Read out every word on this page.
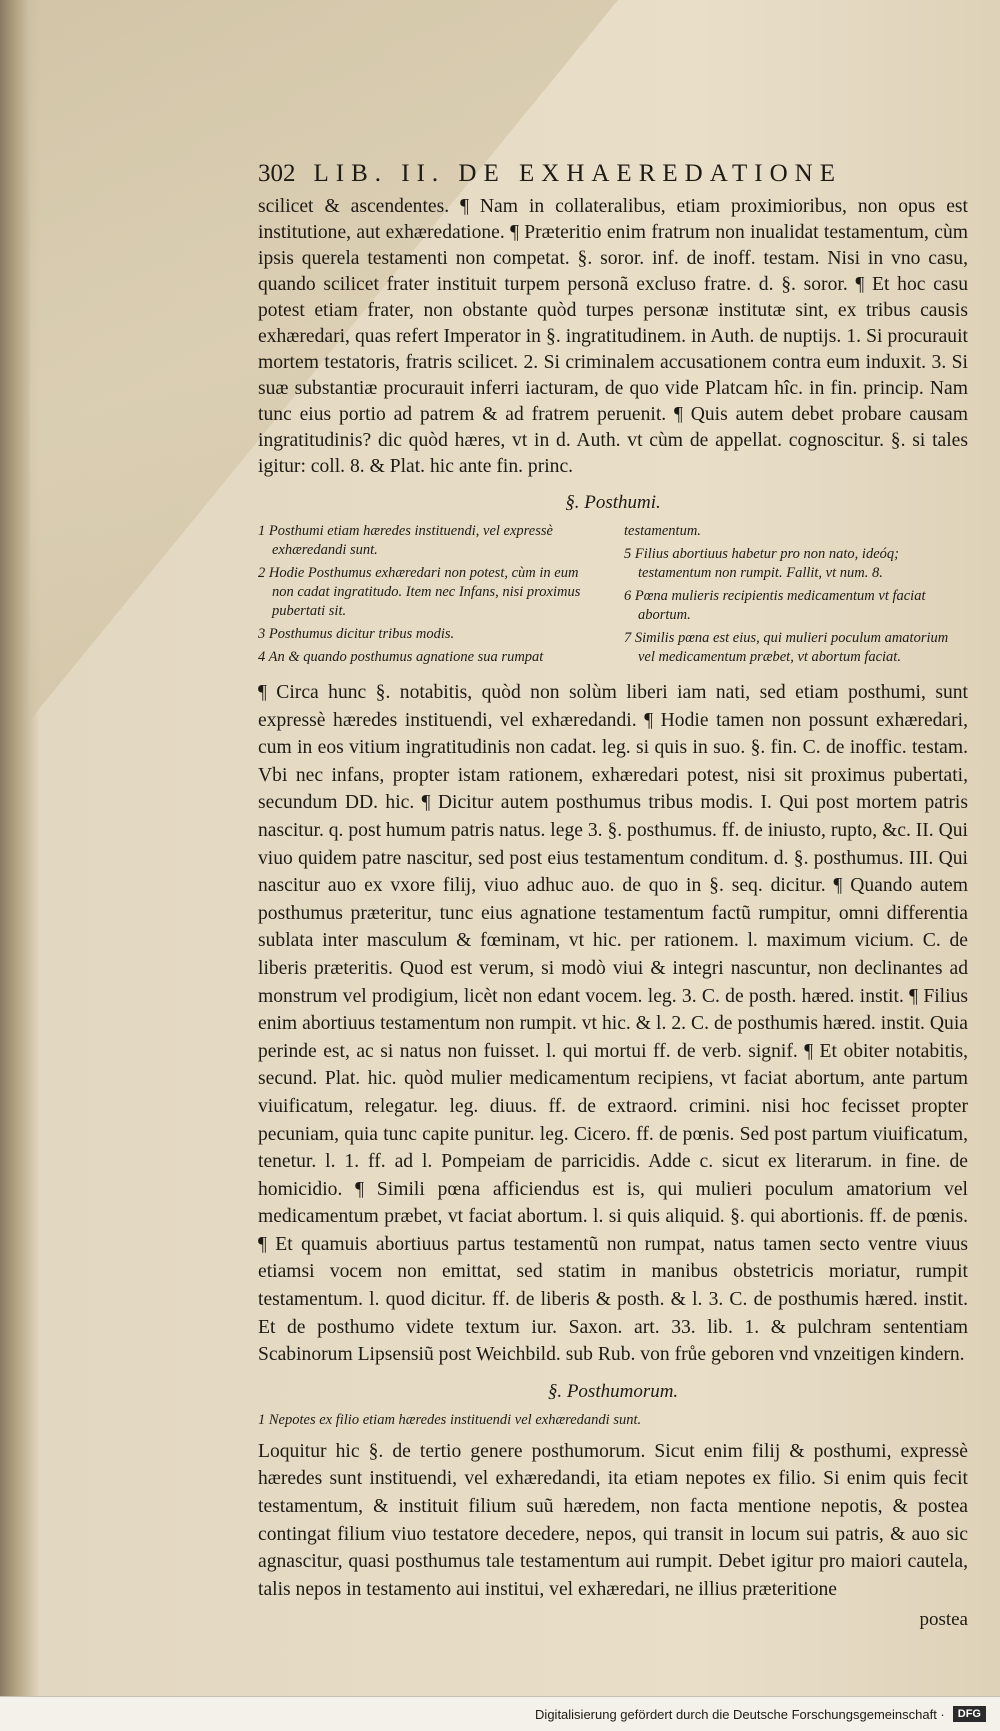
302 LIB. II. DE EXHAEREDATIONE

scilicet & ascendentes. ¶ Nam in collateralibus, etiam proximioribus, non opus est institutione, aut exhæredatione. ¶ Præteritio enim fratrum non inualidat testamentum, cùm ipsis querela testamenti non competat. §. soror. inf. de inoff. testam. Nisi in vno casu, quando scilicet frater instituit turpem personã excluso fratre. d. §. soror. ¶ Et hoc casu potest etiam frater, non obstante quòd turpes personæ institutæ sint, ex tribus causis exhæredari, quas refert Imperator in §. ingratitudinem. in Auth. de nuptijs. 1. Si procurauit mortem testatoris, fratris scilicet. 2. Si criminalem accusationem contra eum induxit. 3. Si suæ substantiæ procurauit inferri iacturam, de quo vide Platcam hîc. in fin. princip. Nam tunc eius portio ad patrem & ad fratrem peruenit. ¶ Quis autem debet probare causam ingratitudinis? dic quòd hæres, vt in d. Auth. vt cùm de appellat. cognoscitur. §. si tales igitur: coll. 8. & Plat. hic ante fin. princ.

§. Posthumi.
1 Posthumi etiam hæredes instituendi, vel expressè exhæredandi sunt.
2 Hodie Posthumus exhæredari non potest, cùm in eum non cadat ingratitudo. Item nec Infans, nisi proximus pubertati sit.
3 Posthumus dicitur tribus modis.
4 An & quando posthumus agnatione sua rumpat
testamentum.
5 Filius abortiuus habetur pro non nato, ideóq; testamentum non rumpit. Fallit, vt num. 8.
6 Pœna mulieris recipientis medicamentum vt faciat abortum.
7 Similis pœna est eius, qui mulieri poculum amatorium vel medicamentum præbet, vt abortum faciat.

¶ Circa hunc §. notabitis, quòd non solùm liberi iam nati, sed etiam posthumi, sunt expressè hæredes instituendi, vel exhæredandi. ¶ Hodie tamen non possunt exhæredari, cum in eos vitium ingratitudinis non cadat. leg. si quis in suo. §. fin. C. de inoffic. testam. Vbi nec infans, propter istam rationem, exhæredari potest, nisi sit proximus pubertati, secundum DD. hic. ¶ Dicitur autem posthumus tribus modis. I. Qui post mortem patris nascitur. q. post humum patris natus. lege 3. §. posthumus. ff. de iniusto, rupto, &c. II. Qui viuo quidem patre nascitur, sed post eius testamentum conditum. d. §. posthumus. III. Qui nascitur auo ex vxore filij, viuo adhuc auo. de quo in §. seq. dicitur. ¶ Quando autem posthumus præteritur, tunc eius agnatione testamentum factũ rumpitur, omni differentia sublata inter masculum & fœminam, vt hic. per rationem. l. maximum vicium. C. de liberis præteritis. Quod est verum, si modò viui & integri nascuntur, non declinantes ad monstrum vel prodigium, licèt non edant vocem. leg. 3. C. de posth. hæred. instit. ¶ Filius enim abortiuus testamentum non rumpit. vt hic. & l. 2. C. de posthumis hæred. instit. Quia perinde est, ac si natus non fuisset. l. qui mortui ff. de verb. signif. ¶ Et obiter notabitis, secund. Plat. hic. quòd mulier medicamentum recipiens, vt faciat abortum, ante partum viuificatum, relegatur. leg. diuus. ff. de extraord. crimini. nisi hoc fecisset propter pecuniam, quia tunc capite punitur. leg. Cicero. ff. de pœnis. Sed post partum viuificatum, tenetur. l. 1. ff. ad l. Pompeiam de parricidis. Adde c. sicut ex literarum. in fine. de homicidio. ¶ Simili pœna afficiendus est is, qui mulieri poculum amatorium vel medicamentum præbet, vt faciat abortum. l. si quis aliquid. §. qui abortionis. ff. de pœnis. ¶ Et quamuis abortiuus partus testamentũ non rumpat, natus tamen secto ventre viuus etiamsi vocem non emittat, sed statim in manibus obstetricis moriatur, rumpit testamentum. l. quod dicitur. ff. de liberis & posth. & l. 3. C. de posthumis hæred. instit. Et de posthumo videte textum iur. Saxon. art. 33. lib. 1. & pulchram sententiam Scabinorum Lipsensiũ post Weichbild. sub Rub. von frůe geboren vnd vnzeitigen kindern.

§. Posthumorum.
1 Nepotes ex filio etiam hæredes instituendi vel exhæredandi sunt.

Loquitur hic §. de tertio genere posthumorum. Sicut enim filij & posthumi, expressè hæredes sunt instituendi, vel exhæredandi, ita etiam nepotes ex filio. Si enim quis fecit testamentum, & instituit filium suũ hæredem, non facta mentione nepotis, & postea contingat filium viuo testatore decedere, nepos, qui transit in locum sui patris, & auo sic agnascitur, quasi posthumus tale testamentum aui rumpit. Debet igitur pro maiori cautela, talis nepos in testamento aui institui, vel exhæredari, ne illius præteritione

postea
Digitalisierung gefördert durch die Deutsche Forschungsgemeinschaft ·	DFG
